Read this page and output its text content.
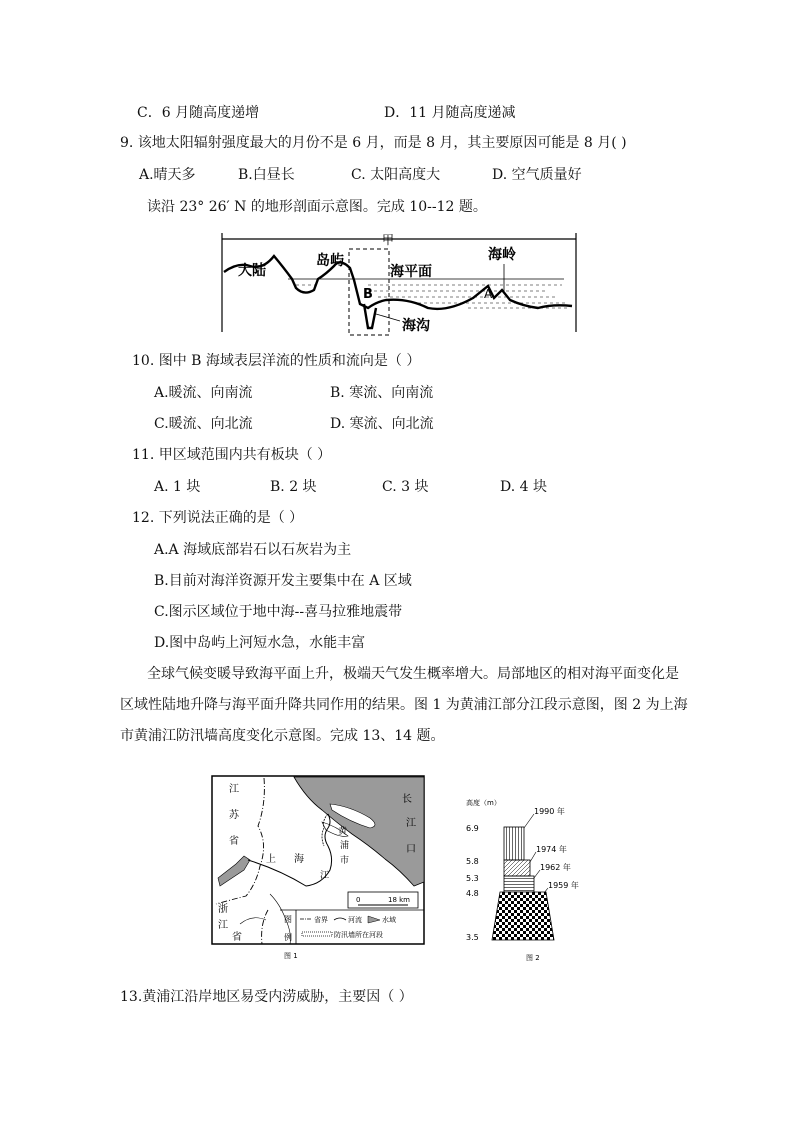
C．6 月随高度递增	D．11 月随高度递减
9. 该地太阳辐射强度最大的月份不是 6 月，而是 8 月，其主要原因可能是 8 月( )
A.晴天多	B.白昼长	C. 太阳高度大	D. 空气质量好
读沿 23° 26′ N 的地形剖面示意图。完成 10--12 题。
甲
大陆
岛屿
海平面
海岭
B	A
海沟
10. 图中 B 海域表层洋流的性质和流向是（ ）
A.暖流、向南流	B. 寒流、向南流
C.暖流、向北流	D. 寒流、向北流
11. 甲区域范围内共有板块（ ）
A. 1 块	B. 2 块	C. 3 块	D. 4 块
12. 下列说法正确的是（ ）
A.A 海域底部岩石以石灰岩为主
B.目前对海洋资源开发主要集中在 A 区域
C.图示区域位于地中海--喜马拉雅地震带
D.图中岛屿上河短水急，水能丰富
全球气候变暖导致海平面上升，极端天气发生概率增大。局部地区的相对海平面变化是
区域性陆地升降与海平面升降共同作用的结果。图 1 为黄浦江部分江段示意图，图 2 为上海
市黄浦江防汛墙高度变化示意图。完成 13、14 题。
江
苏
省
上 海
黄
浦
江
市
长
江
口
浙
江
省
0	18 km
图
例
省界	河流	水域
防汛墙所在河段
图 1
高度（m）
6.9
5.8
5.3
4.8
3.5
1990 年
1974 年
1962 年
1959 年
图 2
13.黄浦江沿岸地区易受内涝威胁，主要因（ ）
